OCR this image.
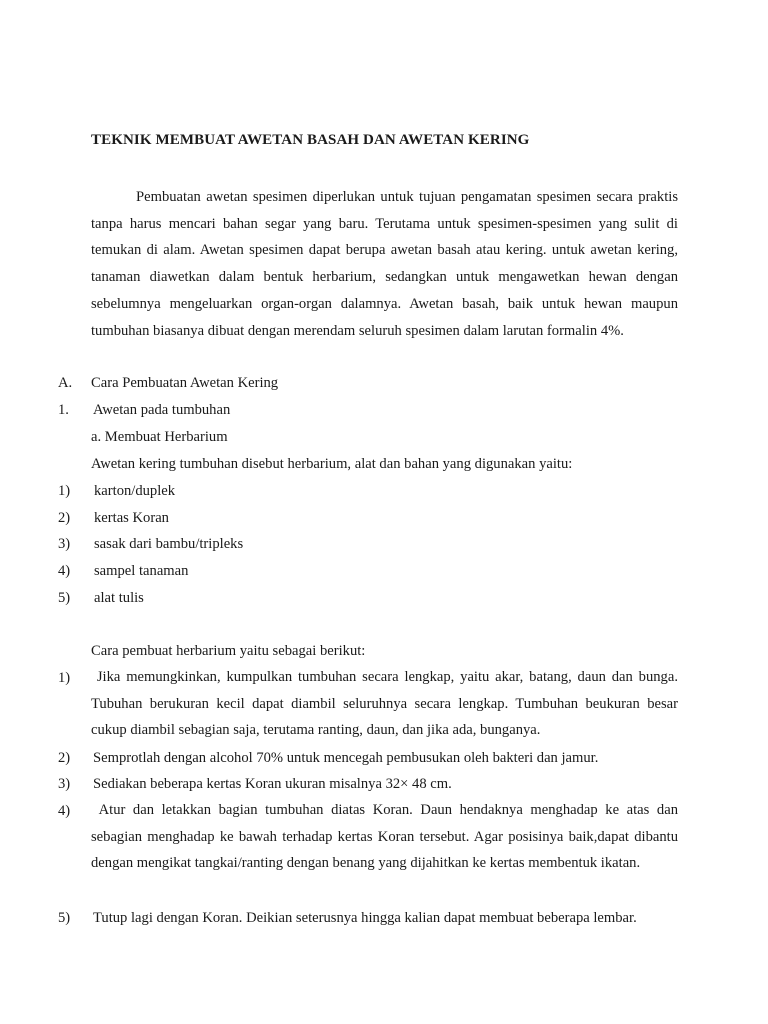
TEKNIK MEMBUAT AWETAN BASAH DAN AWETAN KERING

Pembuatan awetan spesimen diperlukan untuk tujuan pengamatan spesimen secara praktis tanpa harus mencari bahan segar yang baru. Terutama untuk spesimen-spesimen yang sulit di temukan di alam. Awetan spesimen dapat berupa awetan basah atau kering. untuk awetan kering, tanaman diawetkan dalam bentuk herbarium, sedangkan untuk mengawetkan hewan dengan sebelumnya mengeluarkan organ-organ dalamnya. Awetan basah, baik untuk hewan maupun tumbuhan biasanya dibuat dengan merendam seluruh spesimen dalam larutan formalin 4%.

A. Cara Pembuatan Awetan Kering
1. Awetan pada tumbuhan
a. Membuat Herbarium
Awetan kering tumbuhan disebut herbarium, alat dan bahan yang digunakan yaitu:
1) karton/duplek
2) kertas Koran
3) sasak dari bambu/tripleks
4) sampel tanaman
5) alat tulis
Cara pembuat herbarium yaitu sebagai berikut:
1)	Jika memungkinkan, kumpulkan tumbuhan secara lengkap, yaitu akar, batang, daun dan bunga. Tubuhan berukuran kecil dapat diambil seluruhnya secara lengkap. Tumbuhan beukuran besar cukup diambil sebagian saja, terutama ranting, daun, dan jika ada, bunganya.

2) Semprotlah dengan alcohol 70% untuk mencegah pembusukan oleh bakteri dan jamur.
3) Sediakan beberapa kertas Koran ukuran misalnya 32× 48 cm.
4)	Atur dan letakkan bagian tumbuhan diatas Koran. Daun hendaknya menghadap ke atas dan sebagian menghadap ke bawah terhadap kertas Koran tersebut. Agar posisinya baik,dapat dibantu dengan mengikat tangkai/ranting dengan benang yang dijahitkan ke kertas membentuk ikatan.

5) Tutup lagi dengan Koran. Deikian seterusnya hingga kalian dapat membuat beberapa lembar.
